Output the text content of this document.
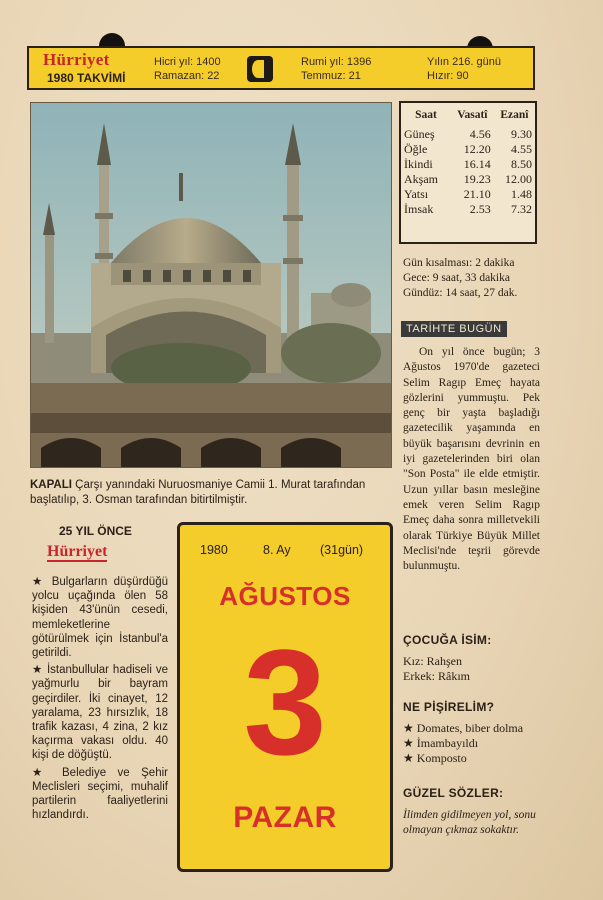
Hürriyet
1980 TAKVİMİ
Hicri yıl: 1400
Ramazan: 22
Rumi yıl: 1396
Temmuz: 21
Yılın 216. günü
Hızır: 90
KAPALI Çarşı yanındaki Nuruosmaniye Camii 1. Murat tarafından başlatılıp, 3. Osman tarafından bitirtilmiştir.
Saat	Vasatî	Ezanî
Güneş	4.56	9.30
Öğle	12.20	4.55
İkindi	16.14	8.50
Akşam	19.23	12.00
Yatsı	21.10	1.48
İmsak	2.53	7.32
Gün kısalması: 2 dakika
Gece: 9 saat, 33 dakika
Gündüz: 14 saat, 27 dak.
TARİHTE BUGÜN
On yıl önce bugün; 3 Ağustos 1970'de gazeteci Selim Ragıp Emeç hayata gözlerini yummuştu. Pek genç bir yaşta başladığı gazetecilik yaşamında en büyük başarısını devrinin en iyi gazetelerinden biri olan "Son Posta" ile elde etmiştir. Uzun yıllar basın mesleğine emek veren Selim Ragıp Emeç daha sonra milletvekili olarak Türkiye Büyük Millet Meclisi'nde teşrii görevde bulunmuştu.
ÇOCUĞA İSİM:
Kız: Rahşen
Erkek: Râkım
NE PİŞİRELİM?
★ Domates, biber dolma
★ İmambayıldı
★ Komposto
GÜZEL SÖZLER:
İlimden gidilmeyen yol, sonu olmayan çıkmaz sokaktır.
25 YIL ÖNCE
Hürriyet

★ Bulgarların düşürdüğü yolcu uçağında ölen 58 kişiden 43'ünün cesedi, memleketlerine götürülmek için İstanbul'a getirildi.

★ İstanbullular hadiseli ve yağmurlu bir bayram geçirdiler. İki cinayet, 12 yaralama, 23 hırsızlık, 18 trafik kazası, 4 zina, 2 kız kaçırma vakası oldu. 40 kişi de döğüştü.

★ Belediye ve Şehir Meclisleri seçimi, muhalif partilerin faaliyetlerini hızlandırdı.

1980	8. Ay (31gün)
AĞUSTOS
3
PAZAR
